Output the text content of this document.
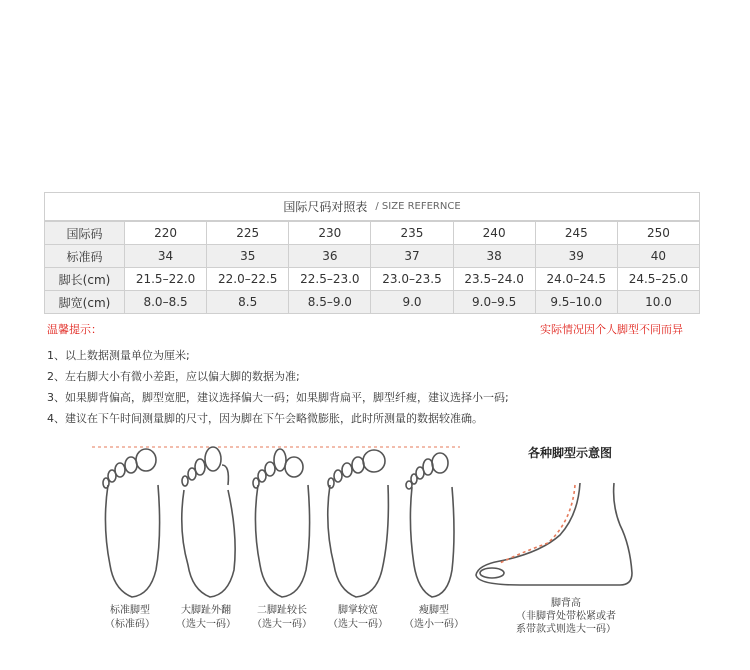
国际尺码对照表 / SIZE REFERNCE
国际码	220	225	230	235	240	245	250
标准码	34	35	36	37	38	39	40
脚长(cm)	21.5–22.0	22.0–22.5	22.5–23.0	23.0–23.5	23.5–24.0	24.0–24.5	24.5–25.0
脚宽(cm)	8.0–8.5	8.5	8.5–9.0	9.0	9.0–9.5	9.5–10.0	10.0
温馨提示：	实际情况因个人脚型不同而异
1、以上数据测量单位为厘米;
2、左右脚大小有微小差距，应以偏大脚的数据为准;
3、如果脚背偏高，脚型宽肥，建议选择偏大一码；如果脚背扁平，脚型纤瘦，建议选择小一码;
4、建议在下午时间测量脚的尺寸，因为脚在下午会略微膨胀，此时所测量的数据较准确。
标准脚型
（标准码）
大脚趾外翻
（选大一码）
二脚趾较长
（选大一码）
脚掌较宽
（选大一码）
瘦脚型
（选小一码）
各种脚型示意图
脚背高
（非脚背处带松紧或者
系带款式则选大一码）
